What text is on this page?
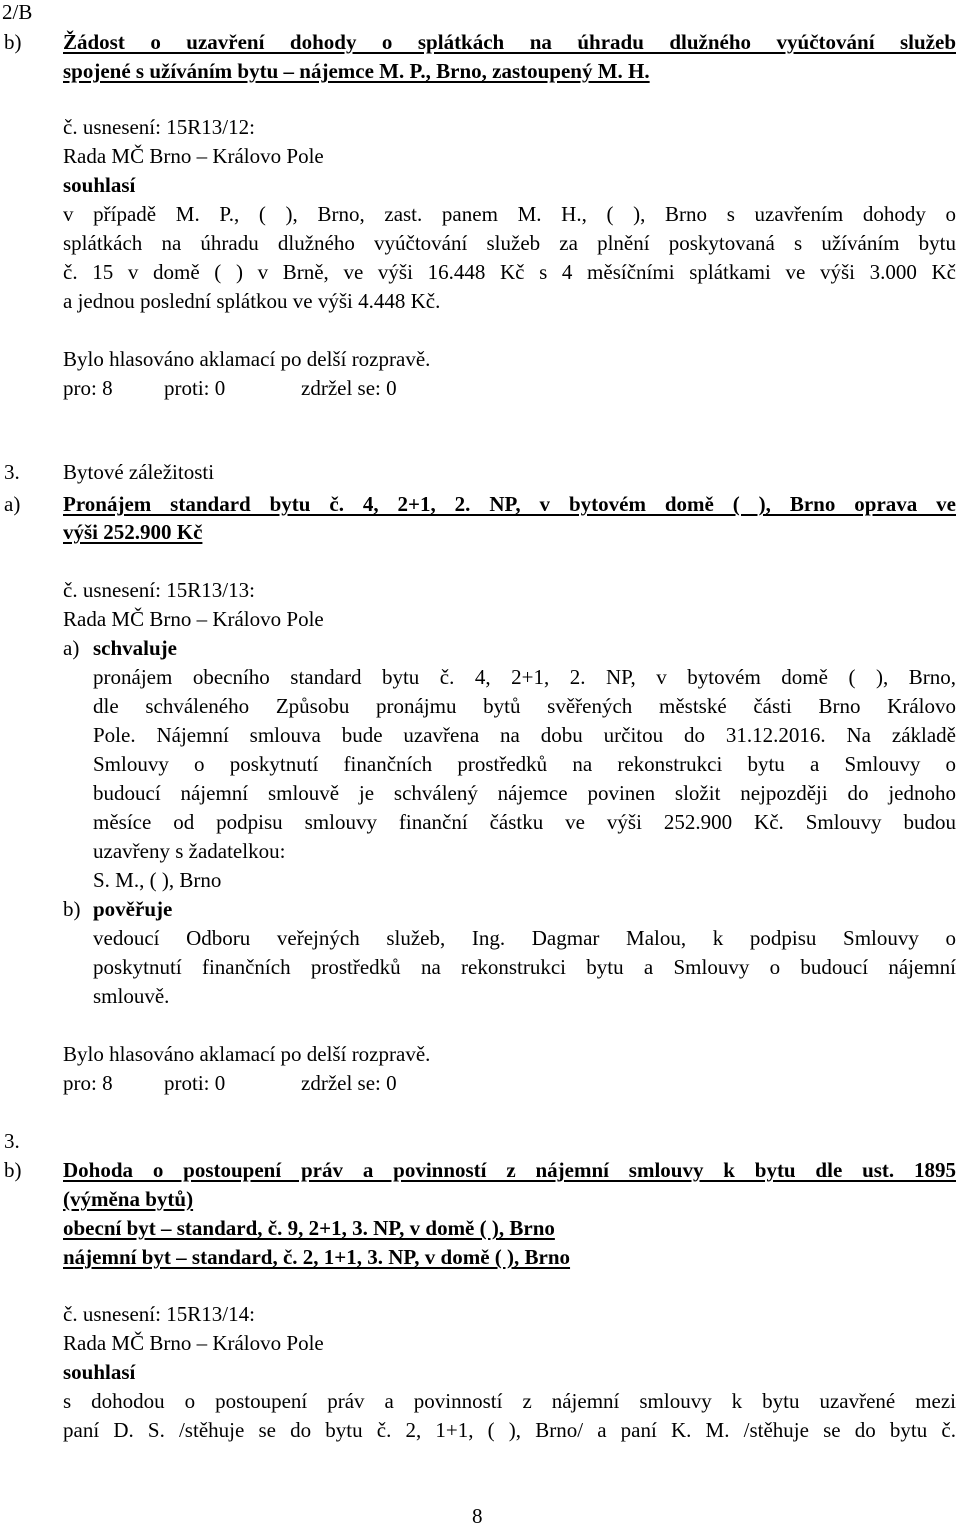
2/B
b) Žádost o uzavření dohody o splátkách na úhradu dlužného vyúčtování služeb
spojené s užíváním bytu – nájemce M. P., Brno, zastoupený M. H.
č. usnesení: 15R13/12:
Rada MČ Brno – Královo Pole
souhlasí
v případě M. P., ( ), Brno, zast. panem M. H., ( ), Brno s uzavřením dohody o
splátkách na úhradu dlužného vyúčtování služeb za plnění poskytovaná s užíváním bytu
č. 15 v domě ( ) v Brně, ve výši 16.448 Kč s 4 měsíčními splátkami ve výši 3.000 Kč
a jednou poslední splátkou ve výši 4.448 Kč.
Bylo hlasováno aklamací po delší rozpravě.
pro: 8 proti: 0	zdržel se: 0
3. Bytové záležitosti
a) Pronájem standard bytu č. 4, 2+1, 2. NP, v bytovém domě ( ), Brno oprava ve
výši 252.900 Kč
č. usnesení: 15R13/13:
Rada MČ Brno – Královo Pole
a) schvaluje
pronájem obecního standard bytu č. 4, 2+1, 2. NP, v bytovém domě ( ), Brno,
dle schváleného Způsobu pronájmu bytů svěřených městské části Brno Královo
Pole. Nájemní smlouva bude uzavřena na dobu určitou do 31.12.2016. Na základě
Smlouvy o poskytnutí finančních prostředků na rekonstrukci bytu a Smlouvy o
budoucí nájemní smlouvě je schválený nájemce povinen složit nejpozději do jednoho
měsíce od podpisu smlouvy finanční částku ve výši 252.900 Kč. Smlouvy budou
uzavřeny s žadatelkou:
S. M., ( ), Brno
b) pověřuje
vedoucí Odboru veřejných služeb, Ing. Dagmar Malou, k podpisu Smlouvy o
poskytnutí finančních prostředků na rekonstrukci bytu a Smlouvy o budoucí nájemní
smlouvě.
Bylo hlasováno aklamací po delší rozpravě.
pro: 8 proti: 0	zdržel se: 0
3.
b) Dohoda o postoupení práv a povinností z nájemní smlouvy k bytu dle ust. 1895
(výměna bytů)
obecní byt – standard, č. 9, 2+1, 3. NP, v domě ( ), Brno
nájemní byt – standard, č. 2, 1+1, 3. NP, v domě ( ), Brno
č. usnesení: 15R13/14:
Rada MČ Brno – Královo Pole
souhlasí
s dohodou o postoupení práv a povinností z nájemní smlouvy k bytu uzavřené mezi
paní D. S. /stěhuje se do bytu č. 2, 1+1, ( ), Brno/ a paní K. M. /stěhuje se do bytu č.
8
